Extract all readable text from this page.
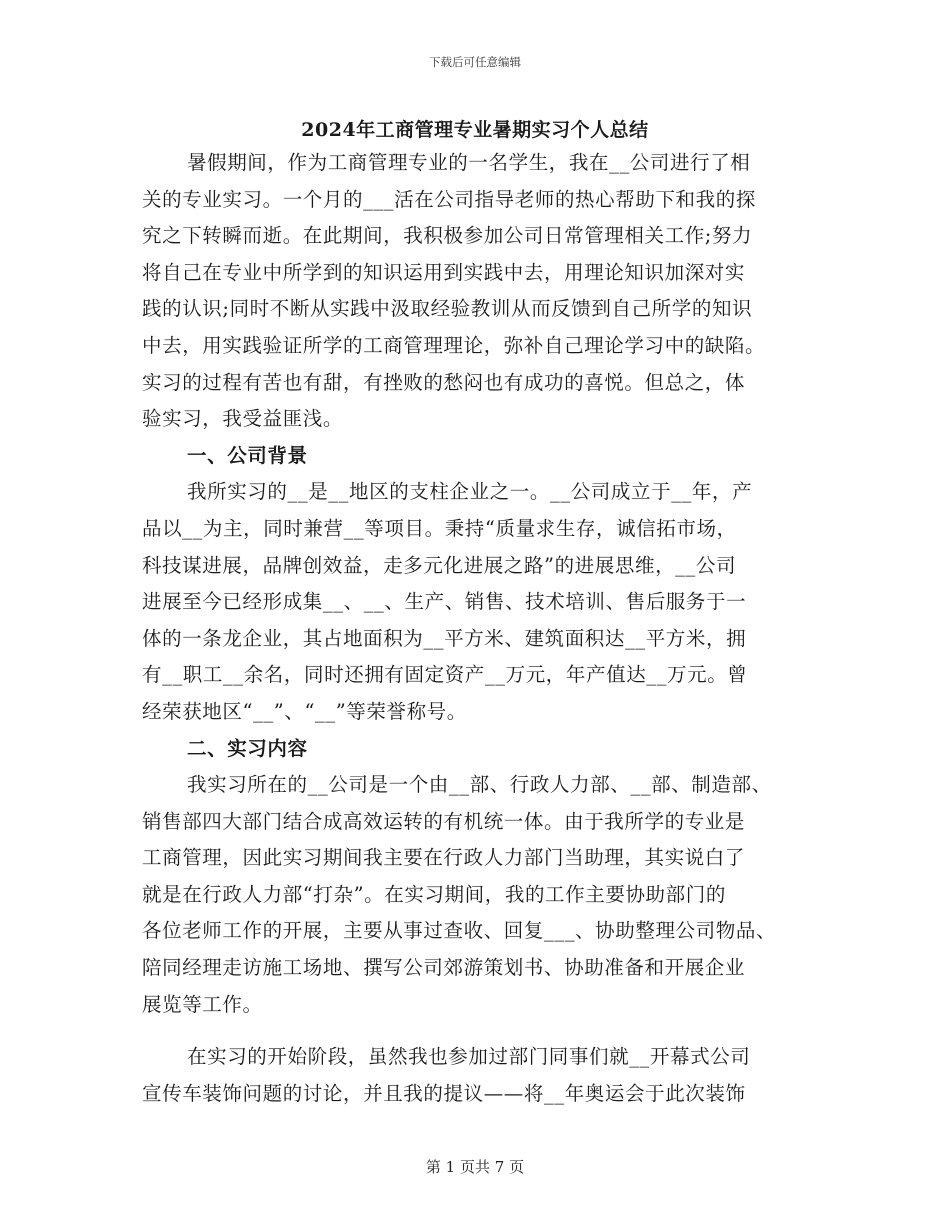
下载后可任意编辑
2024年工商管理专业暑期实习个人总结
暑假期间，作为工商管理专业的一名学生，我在__公司进行了相
关的专业实习。一个月的___活在公司指导老师的热心帮助下和我的探
究之下转瞬而逝。在此期间，我积极参加公司日常管理相关工作;努力
将自己在专业中所学到的知识运用到实践中去，用理论知识加深对实
践的认识;同时不断从实践中汲取经验教训从而反馈到自己所学的知识
中去，用实践验证所学的工商管理理论，弥补自己理论学习中的缺陷。
实习的过程有苦也有甜，有挫败的愁闷也有成功的喜悦。但总之，体
验实习，我受益匪浅。
一、公司背景
我所实习的__是__地区的支柱企业之一。__公司成立于__年，产
品以__为主，同时兼营__等项目。秉持“质量求生存，诚信拓市场，
科技谋进展，品牌创效益，走多元化进展之路”的进展思维，__公司
进展至今已经形成集__、__、生产、销售、技术培训、售后服务于一
体的一条龙企业，其占地面积为__平方米、建筑面积达__平方米，拥
有__职工__余名，同时还拥有固定资产__万元，年产值达__万元。曾
经荣获地区“__”、“__”等荣誉称号。
二、实习内容
我实习所在的__公司是一个由__部、行政人力部、__部、制造部、
销售部四大部门结合成高效运转的有机统一体。由于我所学的专业是
工商管理，因此实习期间我主要在行政人力部门当助理，其实说白了
就是在行政人力部“打杂”。在实习期间，我的工作主要协助部门的
各位老师工作的开展，主要从事过查收、回复___、协助整理公司物品、
陪同经理走访施工场地、撰写公司郊游策划书、协助准备和开展企业
展览等工作。
在实习的开始阶段，虽然我也参加过部门同事们就__开幕式公司
宣传车装饰问题的讨论，并且我的提议——将__年奥运会于此次装饰
第 1 页共 7 页
